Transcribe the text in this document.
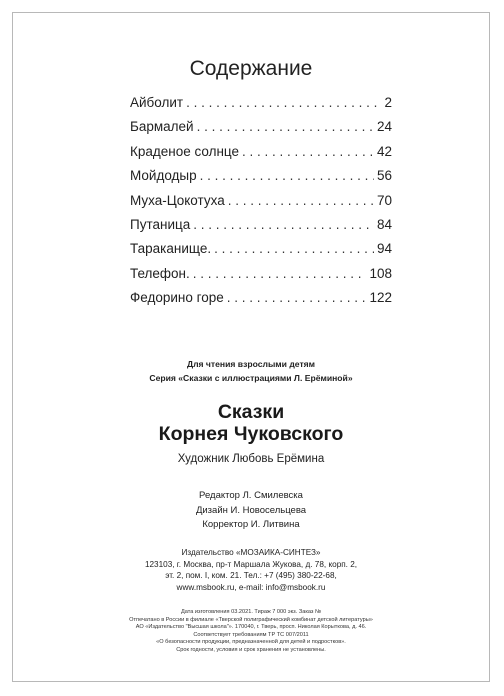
Содержание
Айболит . . .	2
Бармалей . . .	24
Краденое солнце . . .	42
Мойдодыр . . .	56
Муха-Цокотуха . . .	70
Путаница . . .	84
Тараканище. . . .	94
Телефон. . . .	108
Федорино горе . . .	122
Для чтения взрослыми детям
Серия «Сказки с иллюстрациями Л. Ерёминой»
Сказки
Корнея Чуковского
Художник Любовь Ерёмина
Редактор Л. Смилевска
Дизайн И. Новосельцева
Корректор И. Литвина
Издательство «МОЗАИКА-СИНТЕЗ»
123103, г. Москва, пр-т Маршала Жукова, д. 78, корп. 2,
эт. 2, пом. I, ком. 21. Тел.: +7 (495) 380-22-68,
www.msbook.ru, e-mail: info@msbook.ru
Дата изготовления 03.2021. Тираж 7 000 экз. Заказ №
Отпечатано в России в филиале «Тверской полиграфический комбинат детской литературы»
АО «Издательство "Высшая школа"». 170040, г. Тверь, просп. Николая Корыткова, д. 46.
Соответствует требованиям ТР ТС 007/2011
«О безопасности продукции, предназначенной для детей и подростков».
Срок годности, условия и срок хранения не установлены.
